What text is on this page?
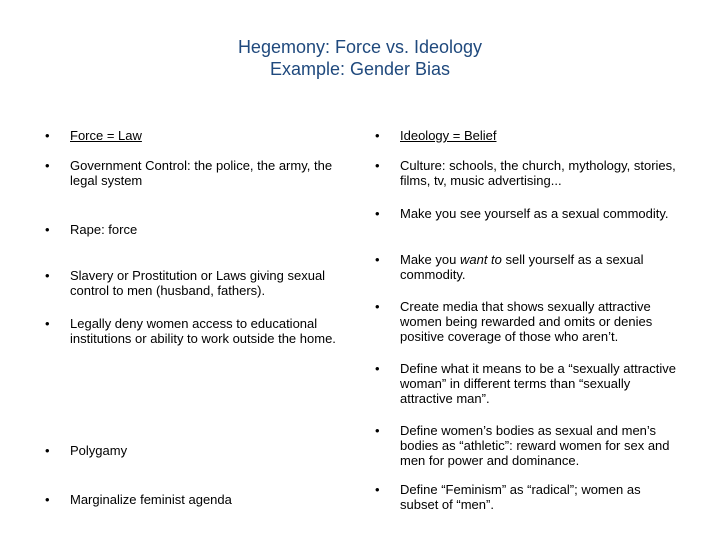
Hegemony: Force vs. Ideology
Example: Gender Bias
•	Force = Law
•	Government Control: the police, the army, the legal system
•	Rape: force
•	Slavery or Prostitution or Laws giving sexual control to men (husband, fathers).
•	Legally deny women access to educational institutions or ability to work outside the home.
•	Polygamy
•	Marginalize feminist agenda
•	Ideology = Belief
•	Culture: schools, the church, mythology, stories, films, tv, music advertising...
•	Make you see yourself as a sexual commodity.
•	Make you want to sell yourself as a sexual commodity.
•	Create media that shows sexually attractive women being rewarded and omits or denies positive coverage of those who aren’t.
•	Define what it means to be a “sexually attractive woman” in different terms than “sexually attractive man”.
•	Define women’s bodies as sexual and men’s bodies as “athletic”: reward women for sex and men for power and dominance.
•	Define “Feminism” as “radical”; women as subset of “men”.
